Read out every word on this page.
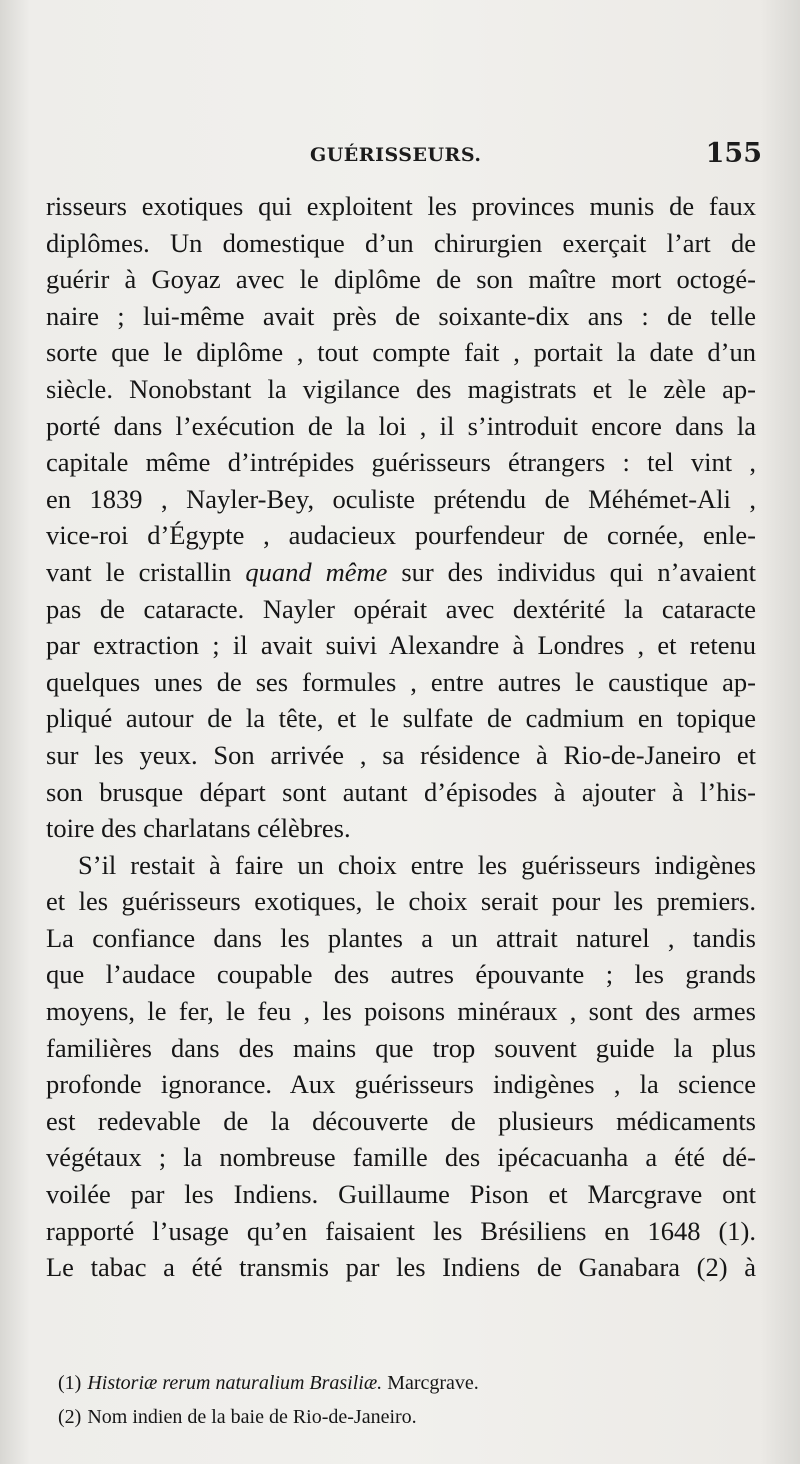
GUÉRISSEURS.	155
risseurs exotiques qui exploitent les provinces munis de faux
diplômes. Un domestique d’un chirurgien exerçait l’art de
guérir à Goyaz avec le diplôme de son maître mort octogé-
naire ; lui-même avait près de soixante-dix ans : de telle
sorte que le diplôme , tout compte fait , portait la date d’un
siècle. Nonobstant la vigilance des magistrats et le zèle ap-
porté dans l’exécution de la loi , il s’introduit encore dans la
capitale même d’intrépides guérisseurs étrangers : tel vint ,
en 1839 , Nayler-Bey, oculiste prétendu de Méhémet-Ali ,
vice-roi d’Égypte , audacieux pourfendeur de cornée, enle-
vant le cristallin quand même sur des individus qui n’avaient
pas de cataracte. Nayler opérait avec dextérité la cataracte
par extraction ; il avait suivi Alexandre à Londres , et retenu
quelques unes de ses formules , entre autres le caustique ap-
pliqué autour de la tête, et le sulfate de cadmium en topique
sur les yeux. Son arrivée , sa résidence à Rio-de-Janeiro et
son brusque départ sont autant d’épisodes à ajouter à l’his-
toire des charlatans célèbres.
S’il restait à faire un choix entre les guérisseurs indigènes
et les guérisseurs exotiques, le choix serait pour les premiers.
La confiance dans les plantes a un attrait naturel , tandis
que l’audace coupable des autres épouvante ; les grands
moyens, le fer, le feu , les poisons minéraux , sont des armes
familières dans des mains que trop souvent guide la plus
profonde ignorance. Aux guérisseurs indigènes , la science
est redevable de la découverte de plusieurs médicaments
végétaux ; la nombreuse famille des ipécacuanha a été dé-
voilée par les Indiens. Guillaume Pison et Marcgrave ont
rapporté l’usage qu’en faisaient les Brésiliens en 1648 (1).
Le tabac a été transmis par les Indiens de Ganabara (2) à
(1) Historiæ rerum naturalium Brasiliæ. Marcgrave.
(2) Nom indien de la baie de Rio-de-Janeiro.
